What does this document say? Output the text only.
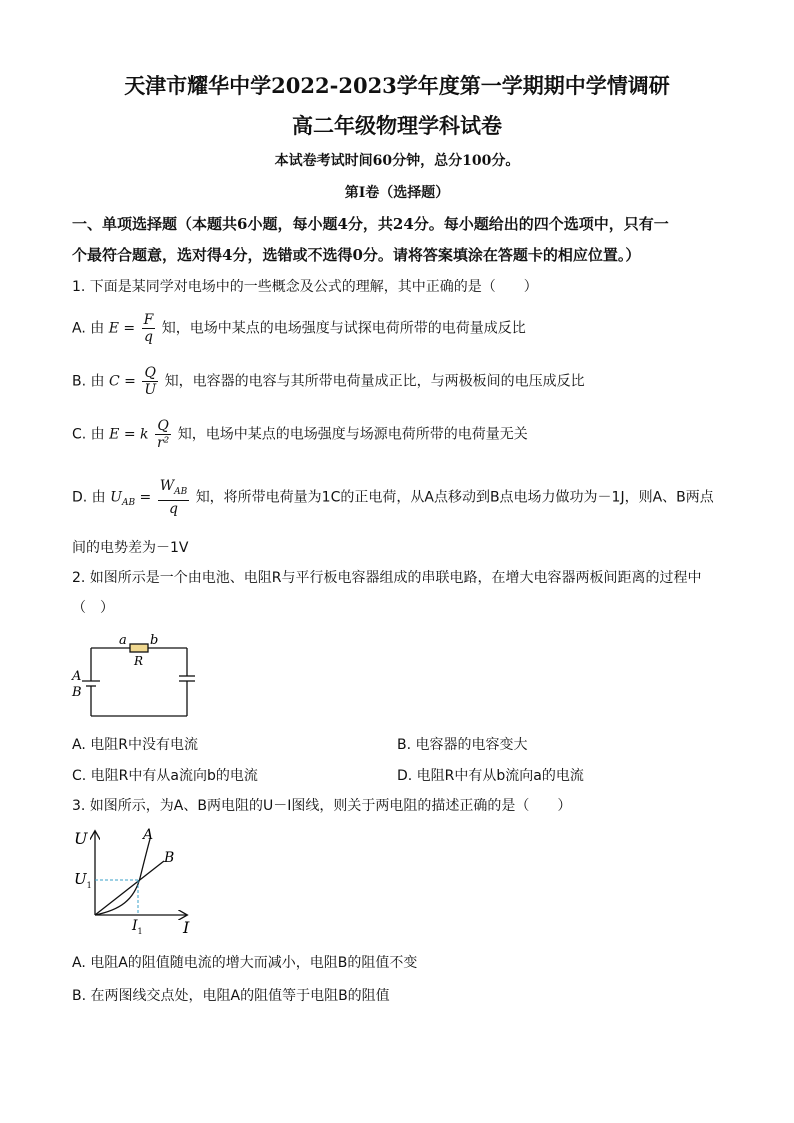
天津市耀华中学2022-2023学年度第一学期期中学情调研
高二年级物理学科试卷
本试卷考试时间60分钟，总分100分。
第Ⅰ卷（选择题）
一、单项选择题（本题共6小题，每小题4分，共24分。每小题给出的四个选项中，只有一
个最符合题意，选对得4分，选错或不选得0分。请将答案填涂在答题卡的相应位置。）
1. 下面是某同学对电场中的一些概念及公式的理解，其中正确的是（　　）
A. 由 $E = \frac{F}{q}$ 知，电场中某点的电场强度与试探电荷所带的电荷量成反比
B. 由 $C = \frac{Q}{U}$ 知，电容器的电容与其所带电荷量成正比，与两极板间的电压成反比
C. 由 E = k $\frac{Q}{\text{r²}}$ 知，电场中某点的电场强度与场源电荷所带的电荷量无关
D. 由 $U_{AB} = \frac{W_{AB}}{q}$ 知，将所带电荷量为1C的正电荷，从A点移动到B点电场力做功为－1J，则A、B两点
间的电势差为－1V
2. 如图所示是一个由电池、电阻R与平行板电容器组成的串联电路，在增大电容器两板间距离的过程中
（　）
a b
R
A
B
A. 电阻R中没有电流	B. 电容器的电容变大
C. 电阻R中有从a流向b的电流	D. 电阻R中有从b流向a的电流
3. 如图所示，为A、B两电阻的U－I图线，则关于两电阻的描述正确的是（　　）
U
I
A
B
$U_1$
$I_1$
A. 电阻A的阻值随电流的增大而减小，电阻B的阻值不变
B. 在两图线交点处，电阻A的阻值等于电阻B的阻值
